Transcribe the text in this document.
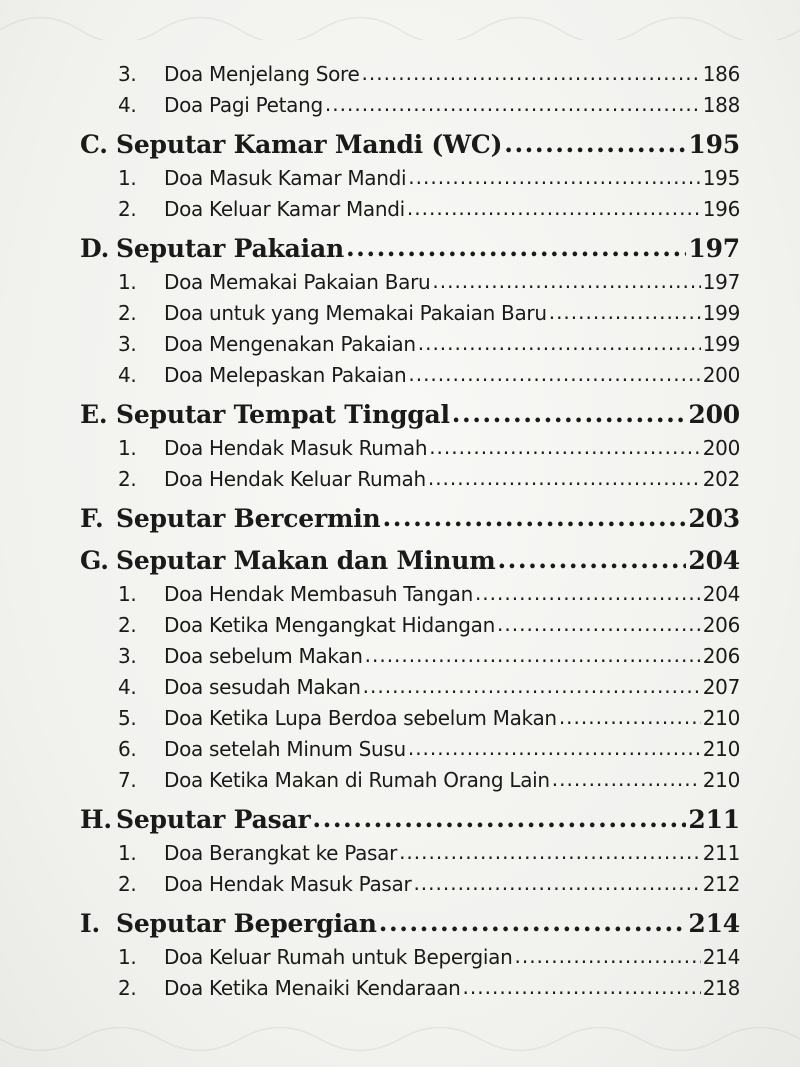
3.	Doa Menjelang Sore .....	186
4.	Doa Pagi Petang .....	188
C. Seputar Kamar Mandi (WC) .....	195
1.	Doa Masuk Kamar Mandi .....	195
2.	Doa Keluar Kamar Mandi .....	196
D. Seputar Pakaian .....	197
1.	Doa Memakai Pakaian Baru .....	197
2.	Doa untuk yang Memakai Pakaian Baru .....	199
3.	Doa Mengenakan Pakaian .....	199
4.	Doa Melepaskan Pakaian .....	200
E. Seputar Tempat Tinggal .....	200
1.	Doa Hendak Masuk Rumah .....	200
2.	Doa Hendak Keluar Rumah .....	202
F. Seputar Bercermin .....	203
G. Seputar Makan dan Minum .....	204
1.	Doa Hendak Membasuh Tangan .....	204
2.	Doa Ketika Mengangkat Hidangan .....	206
3.	Doa sebelum Makan .....	206
4.	Doa sesudah Makan .....	207
5.	Doa Ketika Lupa Berdoa sebelum Makan .....	210
6.	Doa setelah Minum Susu .....	210
7.	Doa Ketika Makan di Rumah Orang Lain .....	210
H. Seputar Pasar .....	211
1.	Doa Berangkat ke Pasar .....	211
2.	Doa Hendak Masuk Pasar .....	212
I. Seputar Bepergian .....	214
1.	Doa Keluar Rumah untuk Bepergian .....	214
2.	Doa Ketika Menaiki Kendaraan .....	218
